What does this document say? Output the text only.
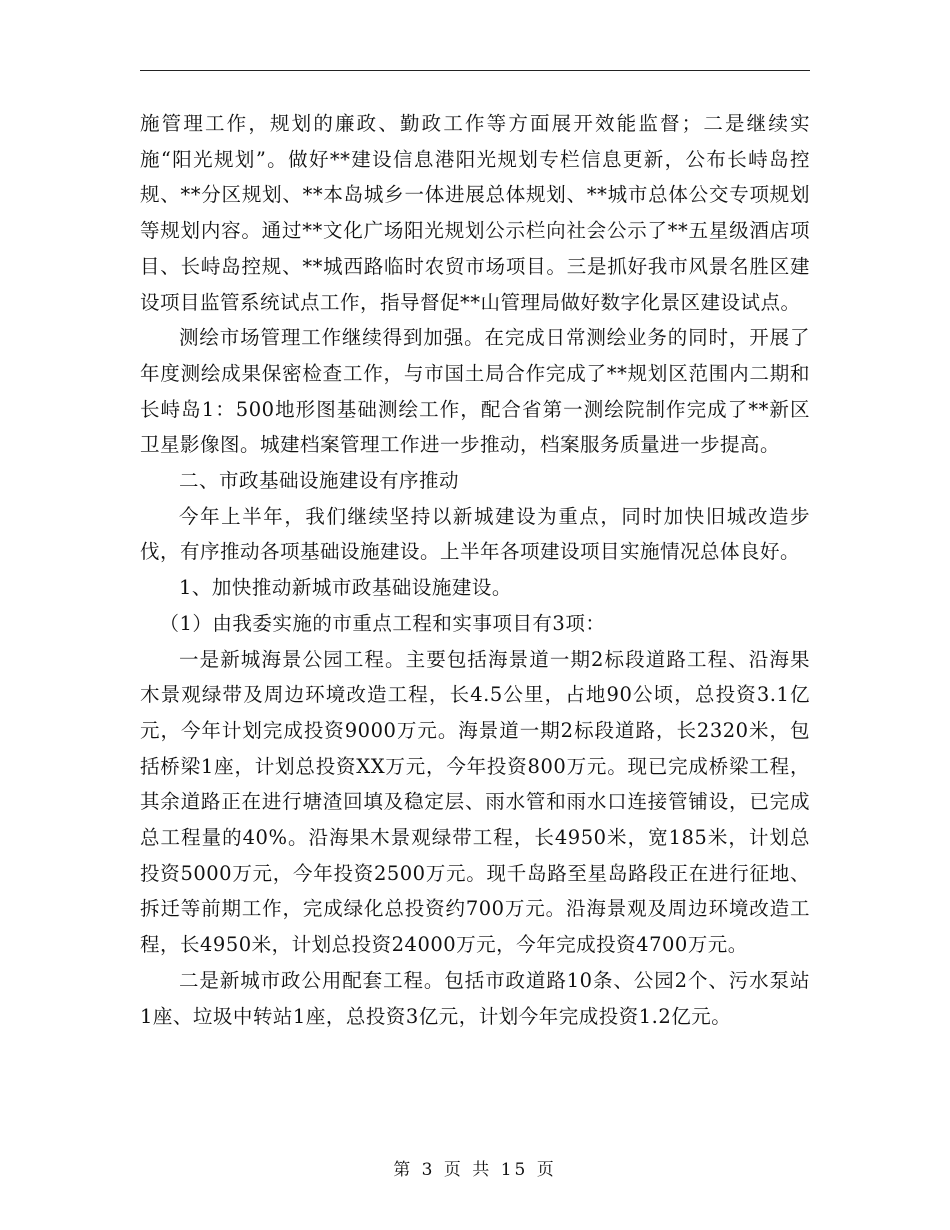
施管理工作，规划的廉政、勤政工作等方面展开效能监督；二是继续实施“阳光规划”。做好**建设信息港阳光规划专栏信息更新，公布长峙岛控规、**分区规划、**本岛城乡一体进展总体规划、**城市总体公交专项规划等规划内容。通过**文化广场阳光规划公示栏向社会公示了**五星级酒店项目、长峙岛控规、**城西路临时农贸市场项目。三是抓好我市风景名胜区建设项目监管系统试点工作，指导督促**山管理局做好数字化景区建设试点。

测绘市场管理工作继续得到加强。在完成日常测绘业务的同时，开展了年度测绘成果保密检查工作，与市国土局合作完成了**规划区范围内二期和长峙岛1：500地形图基础测绘工作，配合省第一测绘院制作完成了**新区卫星影像图。城建档案管理工作进一步推动，档案服务质量进一步提高。

二、市政基础设施建设有序推动

今年上半年，我们继续坚持以新城建设为重点，同时加快旧城改造步伐，有序推动各项基础设施建设。上半年各项建设项目实施情况总体良好。

1、加快推动新城市政基础设施建设。

（1）由我委实施的市重点工程和实事项目有3项：

一是新城海景公园工程。主要包括海景道一期2标段道路工程、沿海果木景观绿带及周边环境改造工程，长4.5公里，占地90公顷，总投资3.1亿元，今年计划完成投资9000万元。海景道一期2标段道路，长2320米，包括桥梁1座，计划总投资XX万元，今年投资800万元。现已完成桥梁工程，其余道路正在进行塘渣回填及稳定层、雨水管和雨水口连接管铺设，已完成总工程量的40%。沿海果木景观绿带工程，长4950米，宽185米，计划总投资5000万元，今年投资2500万元。现千岛路至星岛路段正在进行征地、拆迁等前期工作，完成绿化总投资约700万元。沿海景观及周边环境改造工程，长4950米，计划总投资24000万元，今年完成投资4700万元。

二是新城市政公用配套工程。包括市政道路10条、公园2个、污水泵站1座、垃圾中转站1座，总投资3亿元，计划今年完成投资1.2亿元。

第 3 页 共 15 页
